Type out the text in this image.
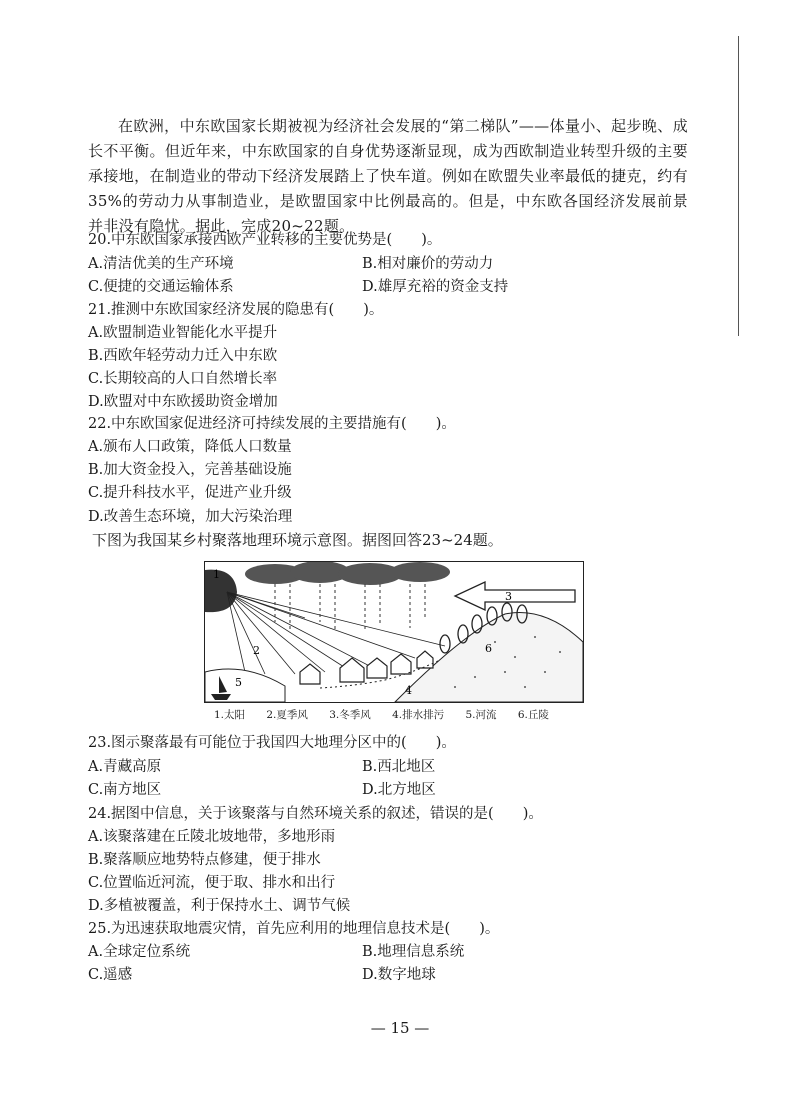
在欧洲，中东欧国家长期被视为经济社会发展的“第二梯队”——体量小、起步晚、成长不平衡。但近年来，中东欧国家的自身优势逐渐显现，成为西欧制造业转型升级的主要承接地，在制造业的带动下经济发展踏上了快车道。例如在欧盟失业率最低的捷克，约有35%的劳动力从事制造业，是欧盟国家中比例最高的。但是，中东欧各国经济发展前景并非没有隐忧。据此，完成20~22题。

20.中东欧国家承接西欧产业转移的主要优势是(　　)。
A.清洁优美的生产环境	B.相对廉价的劳动力
C.便捷的交通运输体系	D.雄厚充裕的资金支持
21.推测中东欧国家经济发展的隐患有(　　)。
A.欧盟制造业智能化水平提升
B.西欧年轻劳动力迁入中东欧
C.长期较高的人口自然增长率
D.欧盟对中东欧援助资金增加
22.中东欧国家促进经济可持续发展的主要措施有(　　)。
A.颁布人口政策，降低人口数量
B.加大资金投入，完善基础设施
C.提升科技水平，促进产业升级
D.改善生态环境，加大污染治理
下图为我国某乡村聚落地理环境示意图。据图回答23~24题。
1
2
3
4
5
6
1.太阳 2.夏季风 3.冬季风 4.排水排污 5.河流 6.丘陵
23.图示聚落最有可能位于我国四大地理分区中的(　　)。
A.青藏高原	B.西北地区
C.南方地区	D.北方地区
24.据图中信息，关于该聚落与自然环境关系的叙述，错误的是(　　)。
A.该聚落建在丘陵北坡地带，多地形雨
B.聚落顺应地势特点修建，便于排水
C.位置临近河流，便于取、排水和出行
D.多植被覆盖，利于保持水土、调节气候
25.为迅速获取地震灾情，首先应利用的地理信息技术是(　　)。
A.全球定位系统	B.地理信息系统
C.遥感	D.数字地球
— 15 —
